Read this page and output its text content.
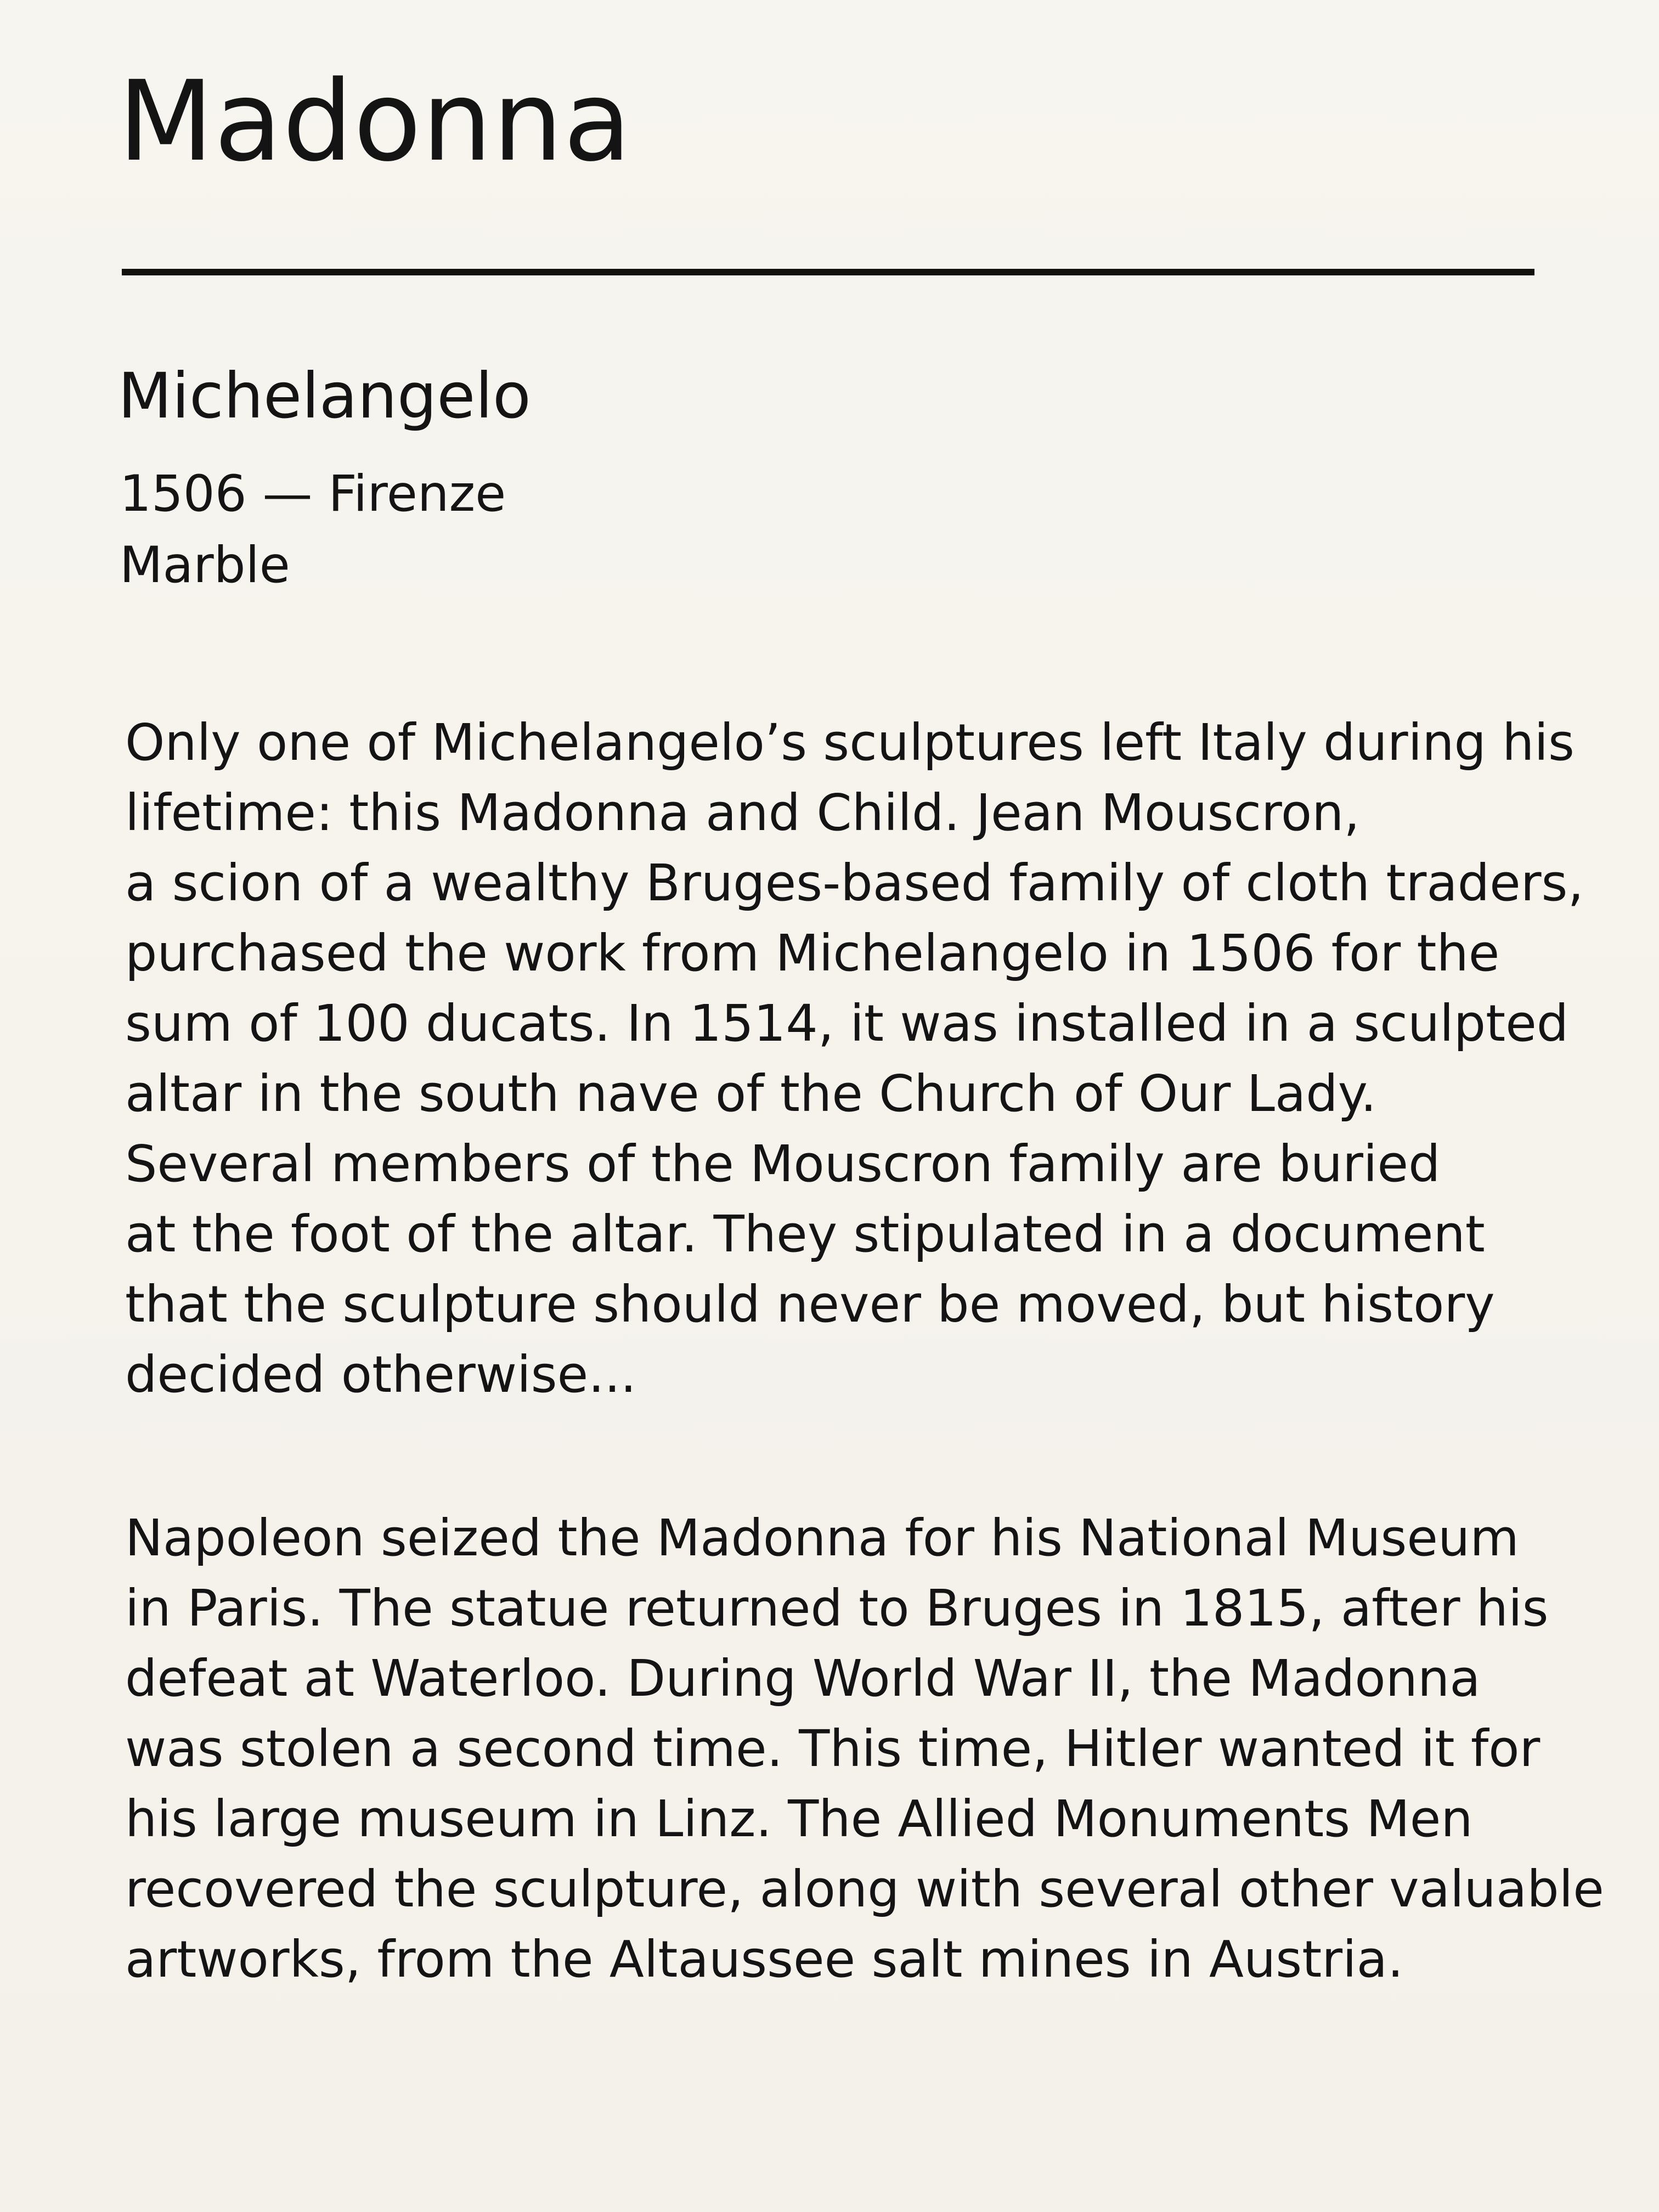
Madonna
Michelangelo
1506 — Firenze
Marble
Only one of Michelangelo’s sculptures left Italy during his
lifetime: this Madonna and Child. Jean Mouscron,
a scion of a wealthy Bruges-based family of cloth traders,
purchased the work from Michelangelo in 1506 for the
sum of 100 ducats. In 1514, it was installed in a sculpted
altar in the south nave of the Church of Our Lady.
Several members of the Mouscron family are buried
at the foot of the altar. They stipulated in a document
that the sculpture should never be moved, but history
decided otherwise...
Napoleon seized the Madonna for his National Museum
in Paris. The statue returned to Bruges in 1815, after his
defeat at Waterloo. During World War II, the Madonna
was stolen a second time. This time, Hitler wanted it for
his large museum in Linz. The Allied Monuments Men
recovered the sculpture, along with several other valuable
artworks, from the Altaussee salt mines in Austria.
